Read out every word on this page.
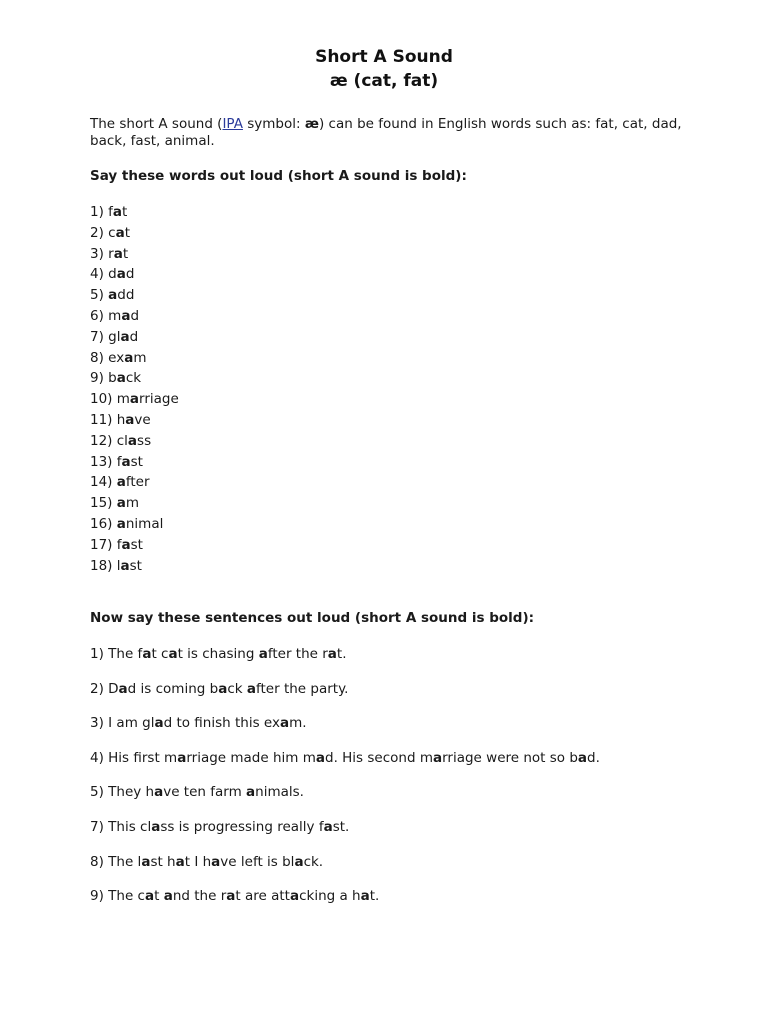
Short A Sound
æ (cat, fat)
The short A sound (IPA symbol: æ) can be found in English words such as: fat, cat, dad, back, fast, animal.
Say these words out loud (short A sound is bold):
1) fat
2) cat
3) rat
4) dad
5) add
6) mad
7) glad
8) exam
9) back
10) marriage
11) have
12) class
13) fast
14) after
15) am
16) animal
17) fast
18) last
Now say these sentences out loud (short A sound is bold):
1) The fat cat is chasing after the rat.
2) Dad is coming back after the party.
3) I am glad to finish this exam.
4) His first marriage made him mad. His second marriage were not so bad.
5) They have ten farm animals.
7) This class is progressing really fast.
8) The last hat I have left is black.
9) The cat and the rat are attacking a hat.
